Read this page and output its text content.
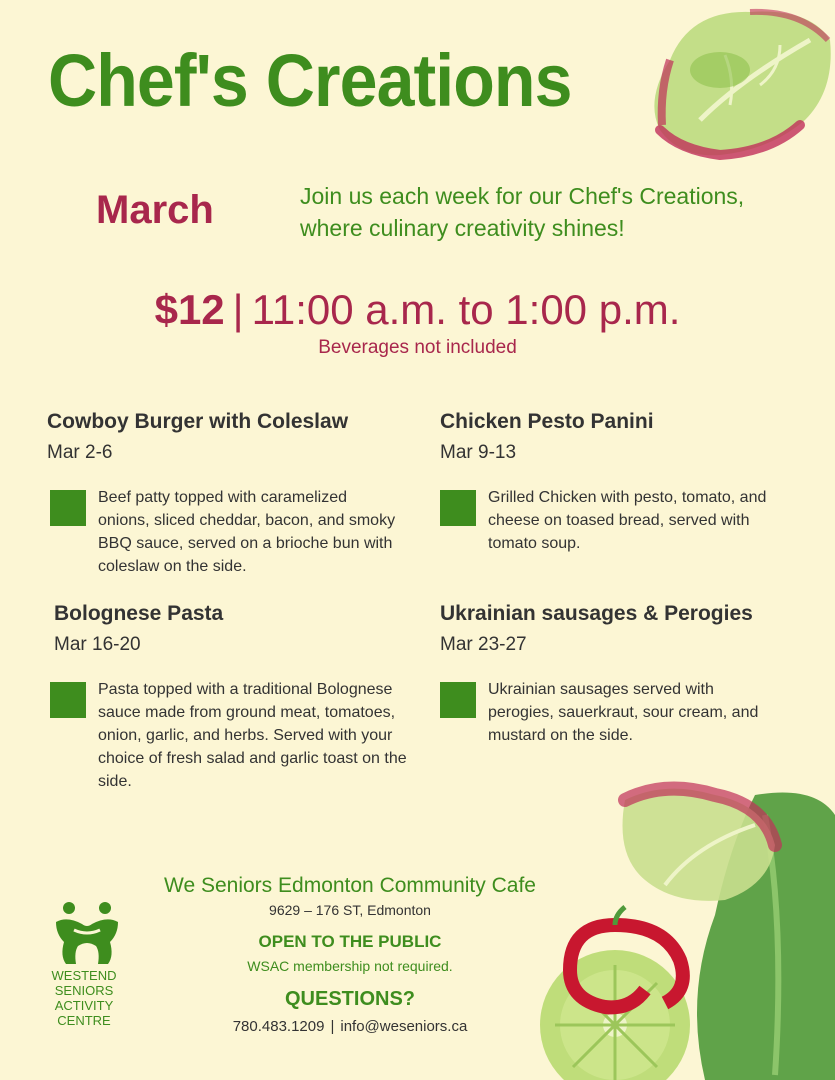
Chef's Creations
March	Join us each week for our Chef's Creations, where culinary creativity shines!
$12 | 11:00 a.m. to 1:00 p.m.
Beverages not included
Cowboy Burger with Coleslaw
Mar 2-6
Beef patty topped with caramelized onions, sliced cheddar, bacon, and smoky BBQ sauce, served on a brioche bun with coleslaw on the side.
Chicken Pesto Panini
Mar 9-13
Grilled Chicken with pesto, tomato, and cheese on toased bread, served with tomato soup.
Bolognese Pasta
Mar 16-20
Pasta topped with a traditional Bolognese sauce made from ground meat, tomatoes, onion, garlic, and herbs. Served with your choice of fresh salad and garlic toast on the side.
Ukrainian sausages & Perogies
Mar 23-27
Ukrainian sausages served with perogies, sauerkraut, sour cream, and mustard on the side.
We Seniors Edmonton Community Cafe
9629 – 176 ST, Edmonton
OPEN TO THE PUBLIC
WSAC membership not required.
QUESTIONS?
780.483.1209 | info@weseniors.ca
WESTEND
SENIORS
ACTIVITY
CENTRE
